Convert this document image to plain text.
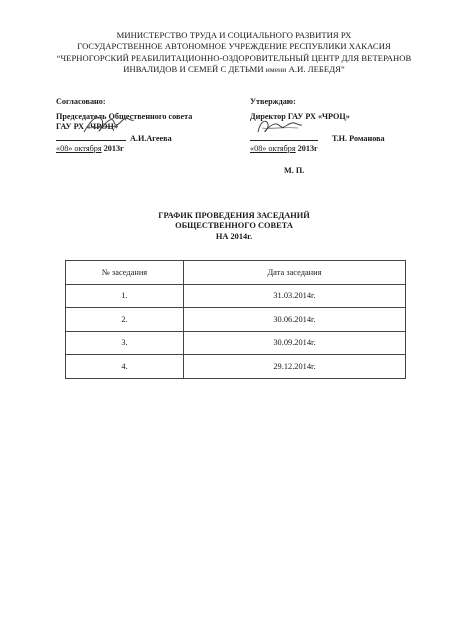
МИНИСТЕРСТВО ТРУДА И СОЦИАЛЬНОГО РАЗВИТИЯ РХ
ГОСУДАРСТВЕННОЕ АВТОНОМНОЕ УЧРЕЖДЕНИЕ РЕСПУБЛИКИ ХАКАСИЯ
“ЧЕРНОГОРСКИЙ РЕАБИЛИТАЦИОННО-ОЗДОРОВИТЕЛЬНЫЙ ЦЕНТР ДЛЯ ВЕТЕРАНОВ
ИНВАЛИДОВ И СЕМЕЙ С ДЕТЬМИ имени А.И. ЛЕБЕДЯ”
Согласовано:
Председатель Общественного совета
ГАУ РХ «ЧРОЦ»
А.И.Агеева
«08» октября 2013г
Утверждаю:
Директор ГАУ РХ «ЧРОЦ»
Т.Н. Романова
«08» октября 2013г
М. П.
ГРАФИК ПРОВЕДЕНИЯ ЗАСЕДАНИЙ
ОБЩЕСТВЕННОГО СОВЕТА
НА 2014г.
№ заседания	Дата заседания
1.	31.03.2014г.
2.	30.06.2014г.
3.	30.09.2014г.
4.	29.12.2014г.
